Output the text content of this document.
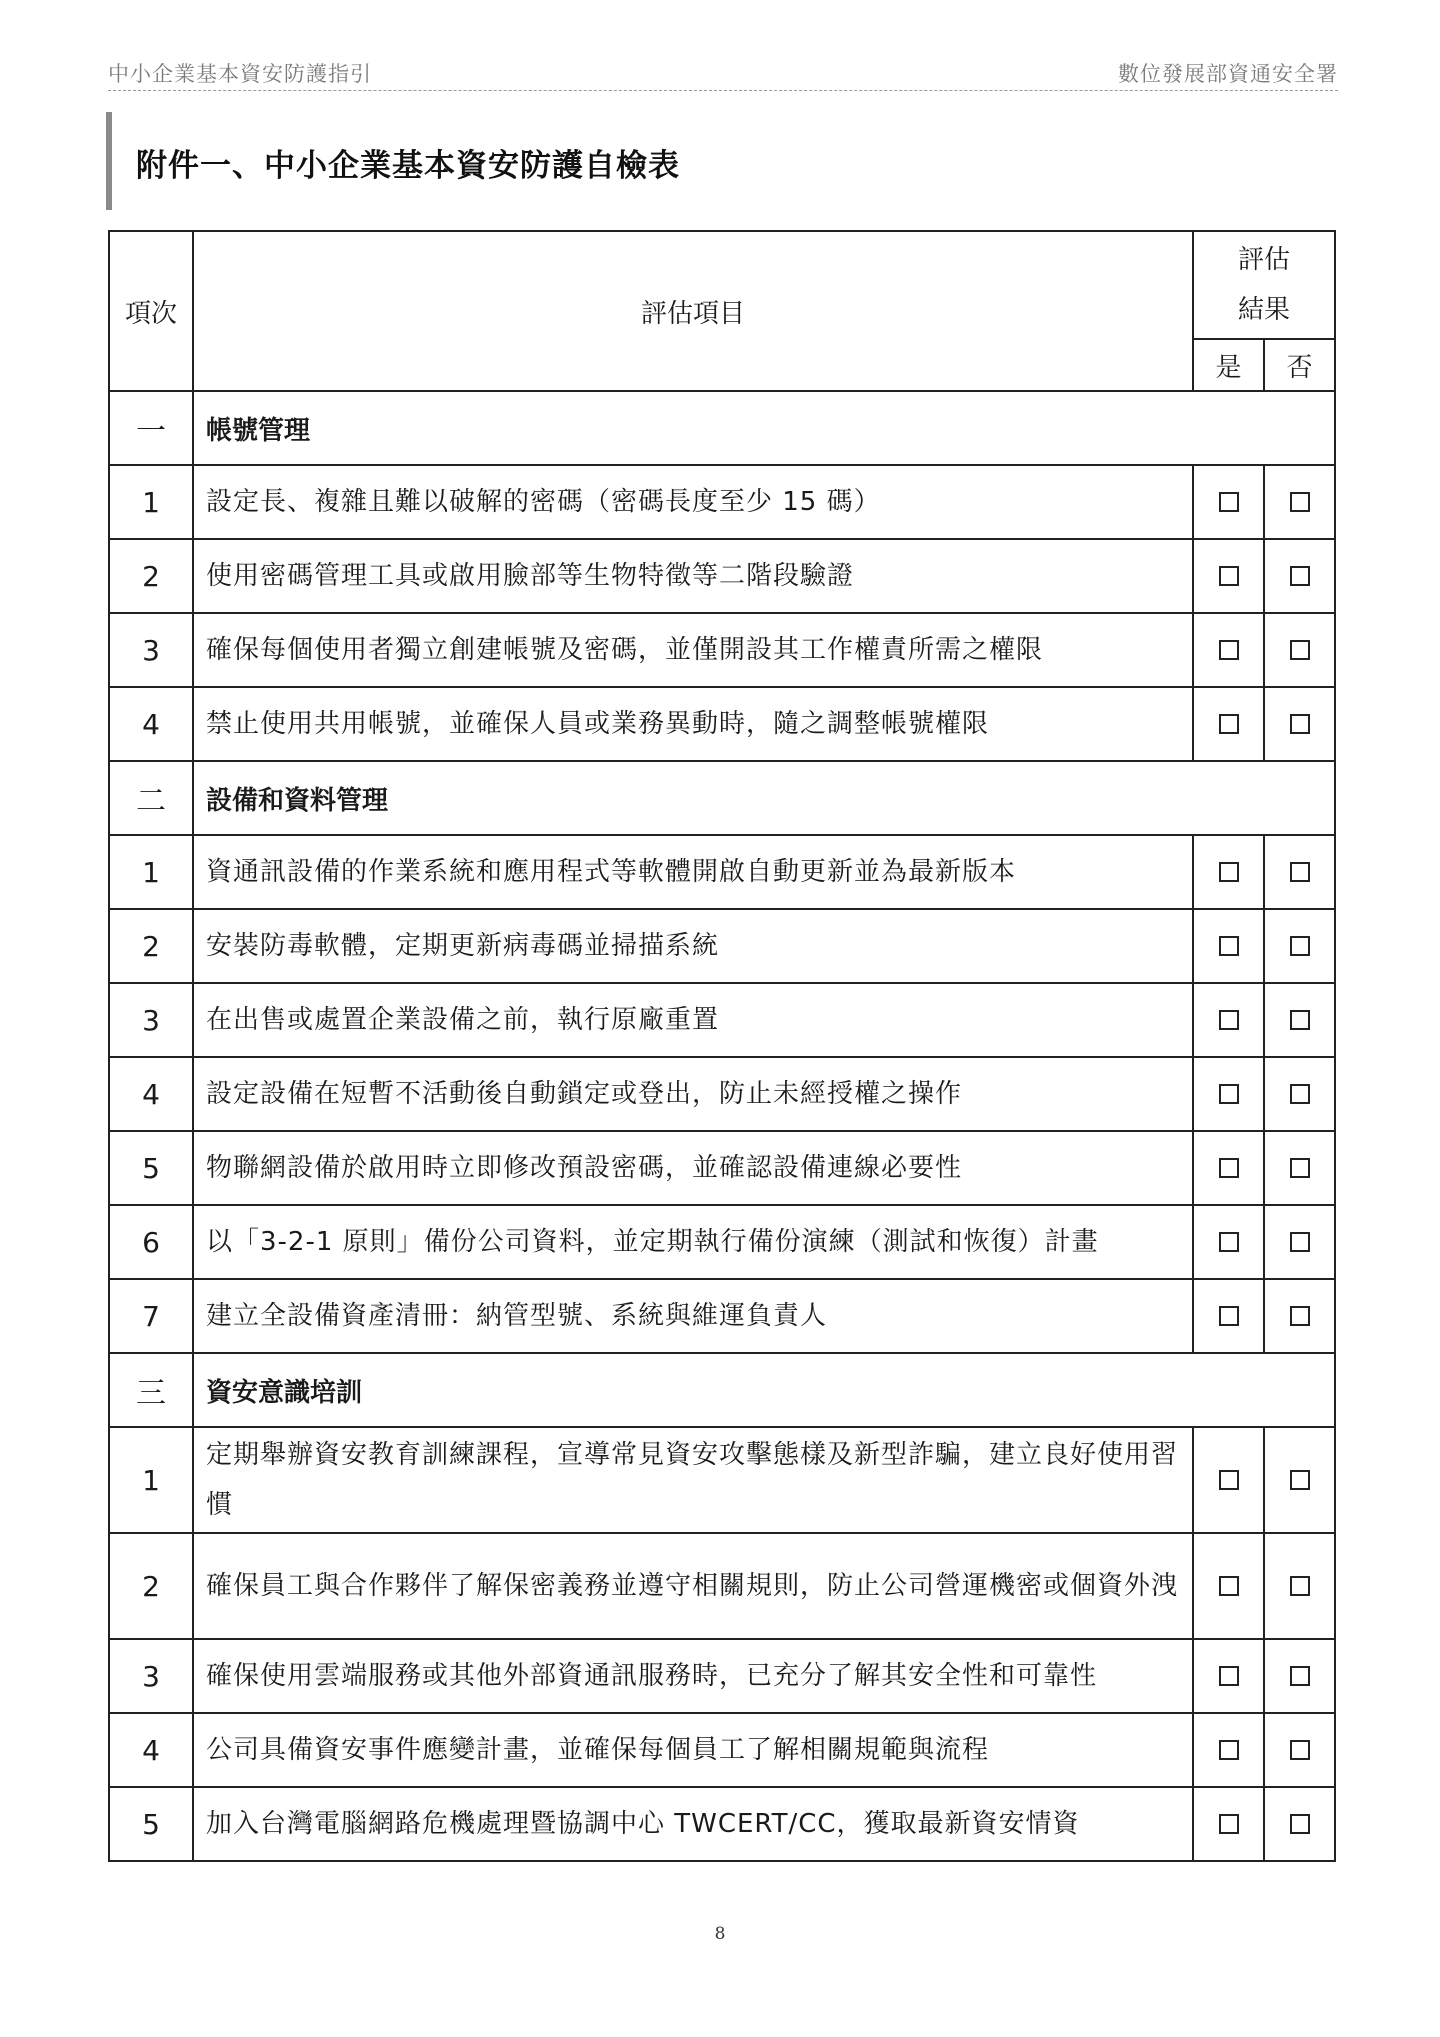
中小企業基本資安防護指引	數位發展部資通安全署
附件一、中小企業基本資安防護自檢表
項次	評估項目	評估
結果	
		是	否
一	帳號管理		
1	設定長、複雜且難以破解的密碼（密碼長度至少 15 碼）		
2	使用密碼管理工具或啟用臉部等生物特徵等二階段驗證		
3	確保每個使用者獨立創建帳號及密碼，並僅開設其工作權責所需之權限		
4	禁止使用共用帳號，並確保人員或業務異動時，隨之調整帳號權限		
二	設備和資料管理		
1	資通訊設備的作業系統和應用程式等軟體開啟自動更新並為最新版本		
2	安裝防毒軟體，定期更新病毒碼並掃描系統		
3	在出售或處置企業設備之前，執行原廠重置		
4	設定設備在短暫不活動後自動鎖定或登出，防止未經授權之操作		
5	物聯網設備於啟用時立即修改預設密碼，並確認設備連線必要性		
6	以「3-2-1 原則」備份公司資料，並定期執行備份演練（測試和恢復）計畫		
7	建立全設備資產清冊：納管型號、系統與維運負責人		
三	資安意識培訓		
1	定期舉辦資安教育訓練課程，宣導常見資安攻擊態樣及新型詐騙，建立良好使用習慣		
2	確保員工與合作夥伴了解保密義務並遵守相關規則，防止公司營運機密或個資外洩		
3	確保使用雲端服務或其他外部資通訊服務時，已充分了解其安全性和可靠性		
4	公司具備資安事件應變計畫，並確保每個員工了解相關規範與流程		
5	加入台灣電腦網路危機處理暨協調中心 TWCERT/CC，獲取最新資安情資		
8
